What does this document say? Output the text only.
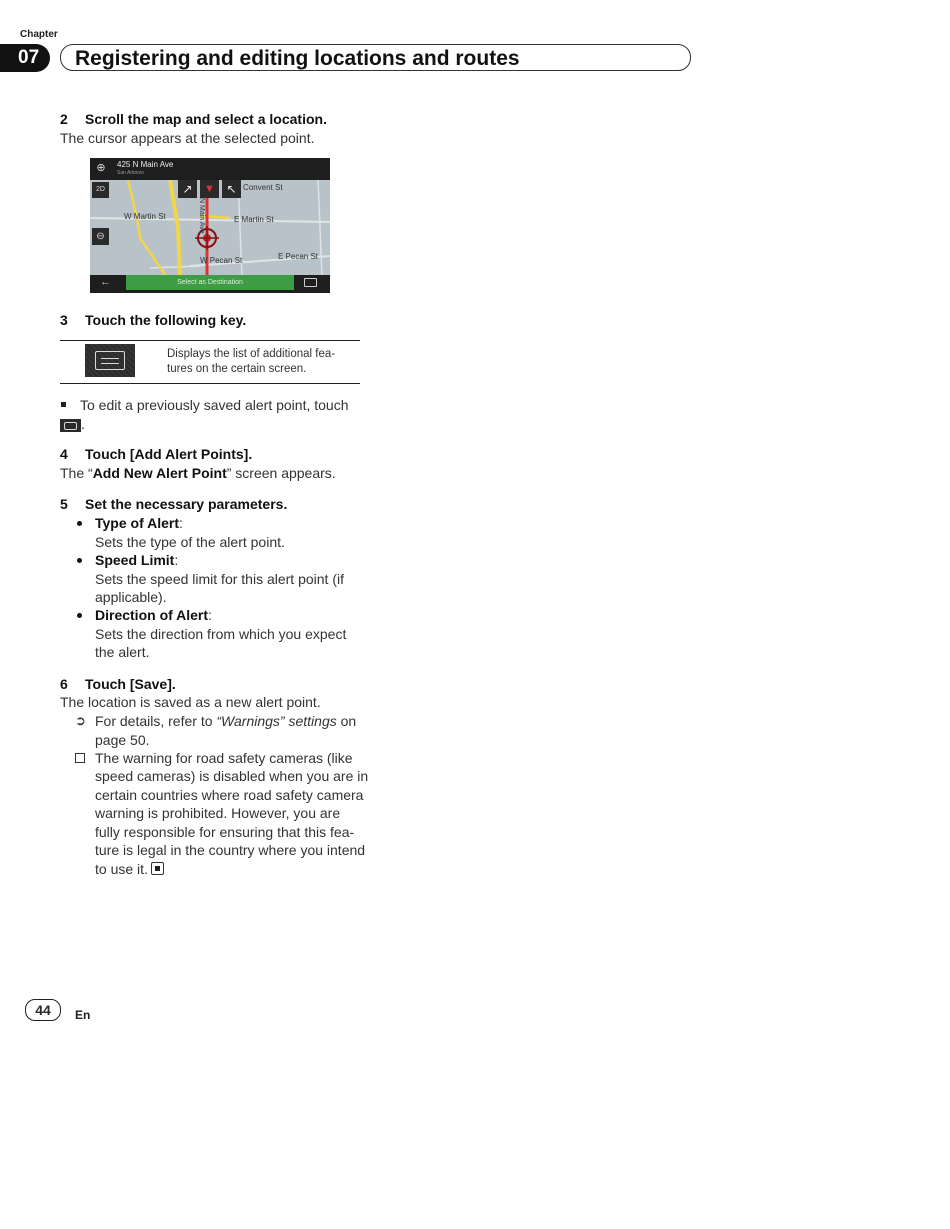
Chapter
07	Registering and editing locations and routes
2 Scroll the map and select a location.
The cursor appears at the selected point.
⊕ 425 N Main Ave
San Antonio
2D
⊖
↗	▼ ↖ Convent St
W Martin St	E Martin St
W Pecan St	E Pecan St
N Main Ave
←	Select as Destination
3 Touch the following key.
Displays the list of additional fea-
tures on the certain screen.
To edit a previously saved alert point, touch
.
4 Touch [Add Alert Points].
The “Add New Alert Point” screen appears.
5 Set the necessary parameters.
Type of Alert:
Sets the type of the alert point.
Speed Limit:
Sets the speed limit for this alert point (if
applicable).
Direction of Alert:
Sets the direction from which you expect
the alert.
6 Touch [Save].
The location is saved as a new alert point.
➲ For details, refer to “Warnings” settings on
page 50.
The warning for road safety cameras (like
speed cameras) is disabled when you are in
certain countries where road safety camera
warning is prohibited. However, you are
fully responsible for ensuring that this fea-
ture is legal in the country where you intend
to use it.
44	En
